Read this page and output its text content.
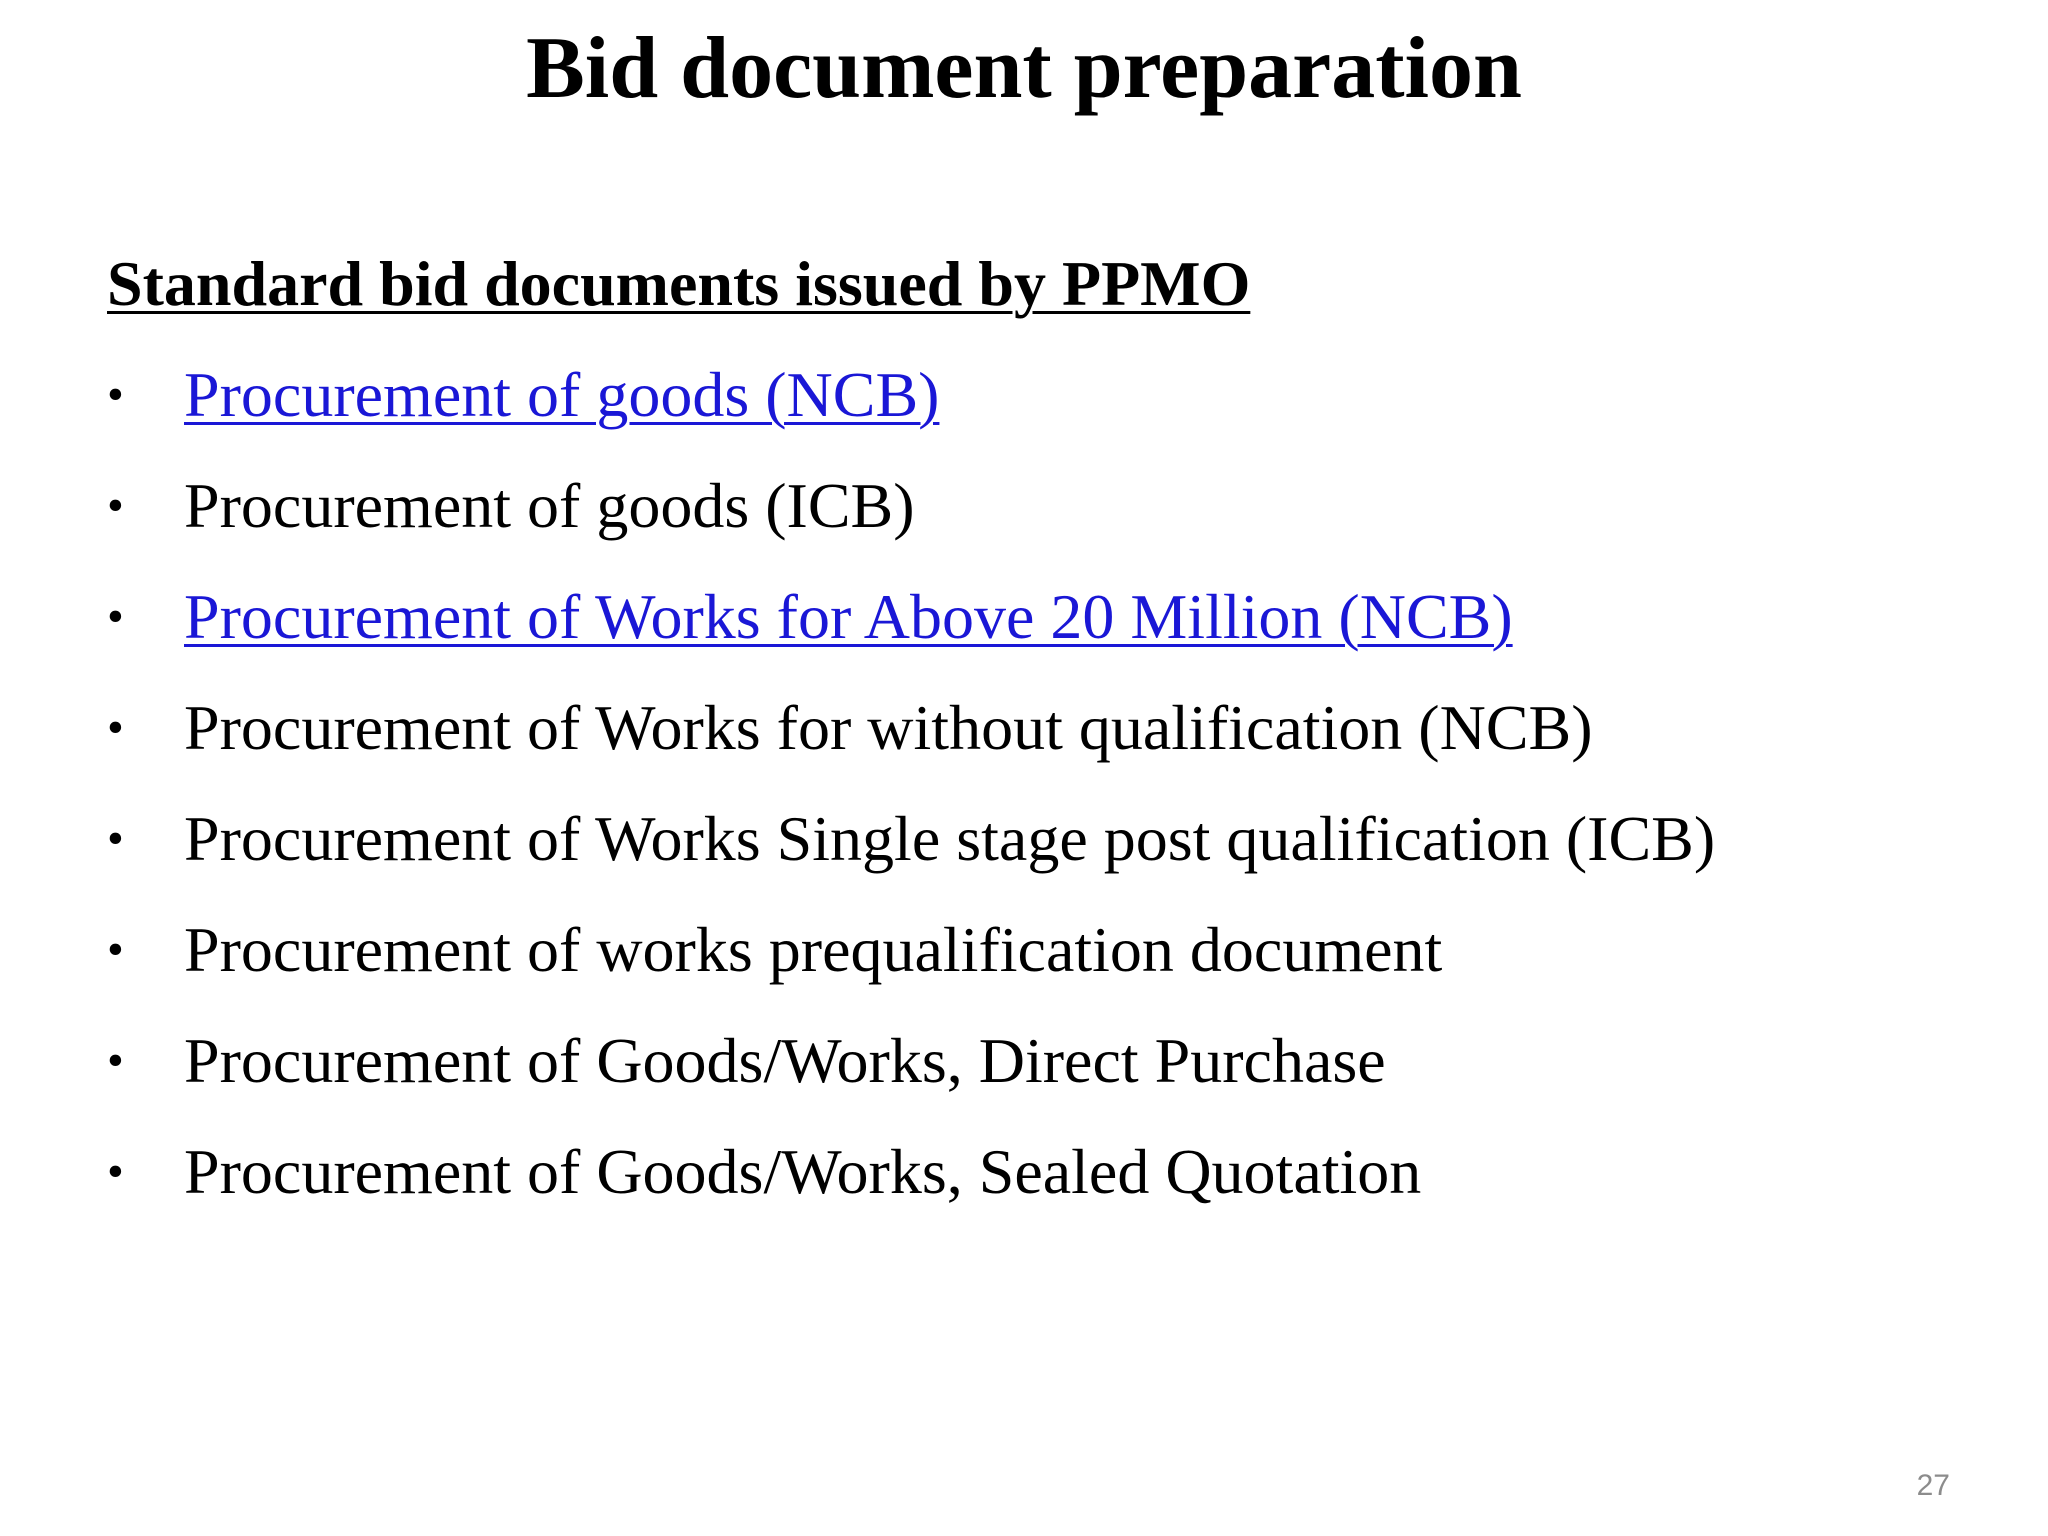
Bid document preparation
Standard bid documents issued by PPMO
• Procurement of goods (NCB)
• Procurement of goods (ICB)
• Procurement of Works for Above 20 Million (NCB)
• Procurement of Works for without qualification (NCB)
• Procurement of Works Single stage post qualification (ICB)
• Procurement of works prequalification document
• Procurement of Goods/Works, Direct Purchase
• Procurement of Goods/Works, Sealed Quotation
27
